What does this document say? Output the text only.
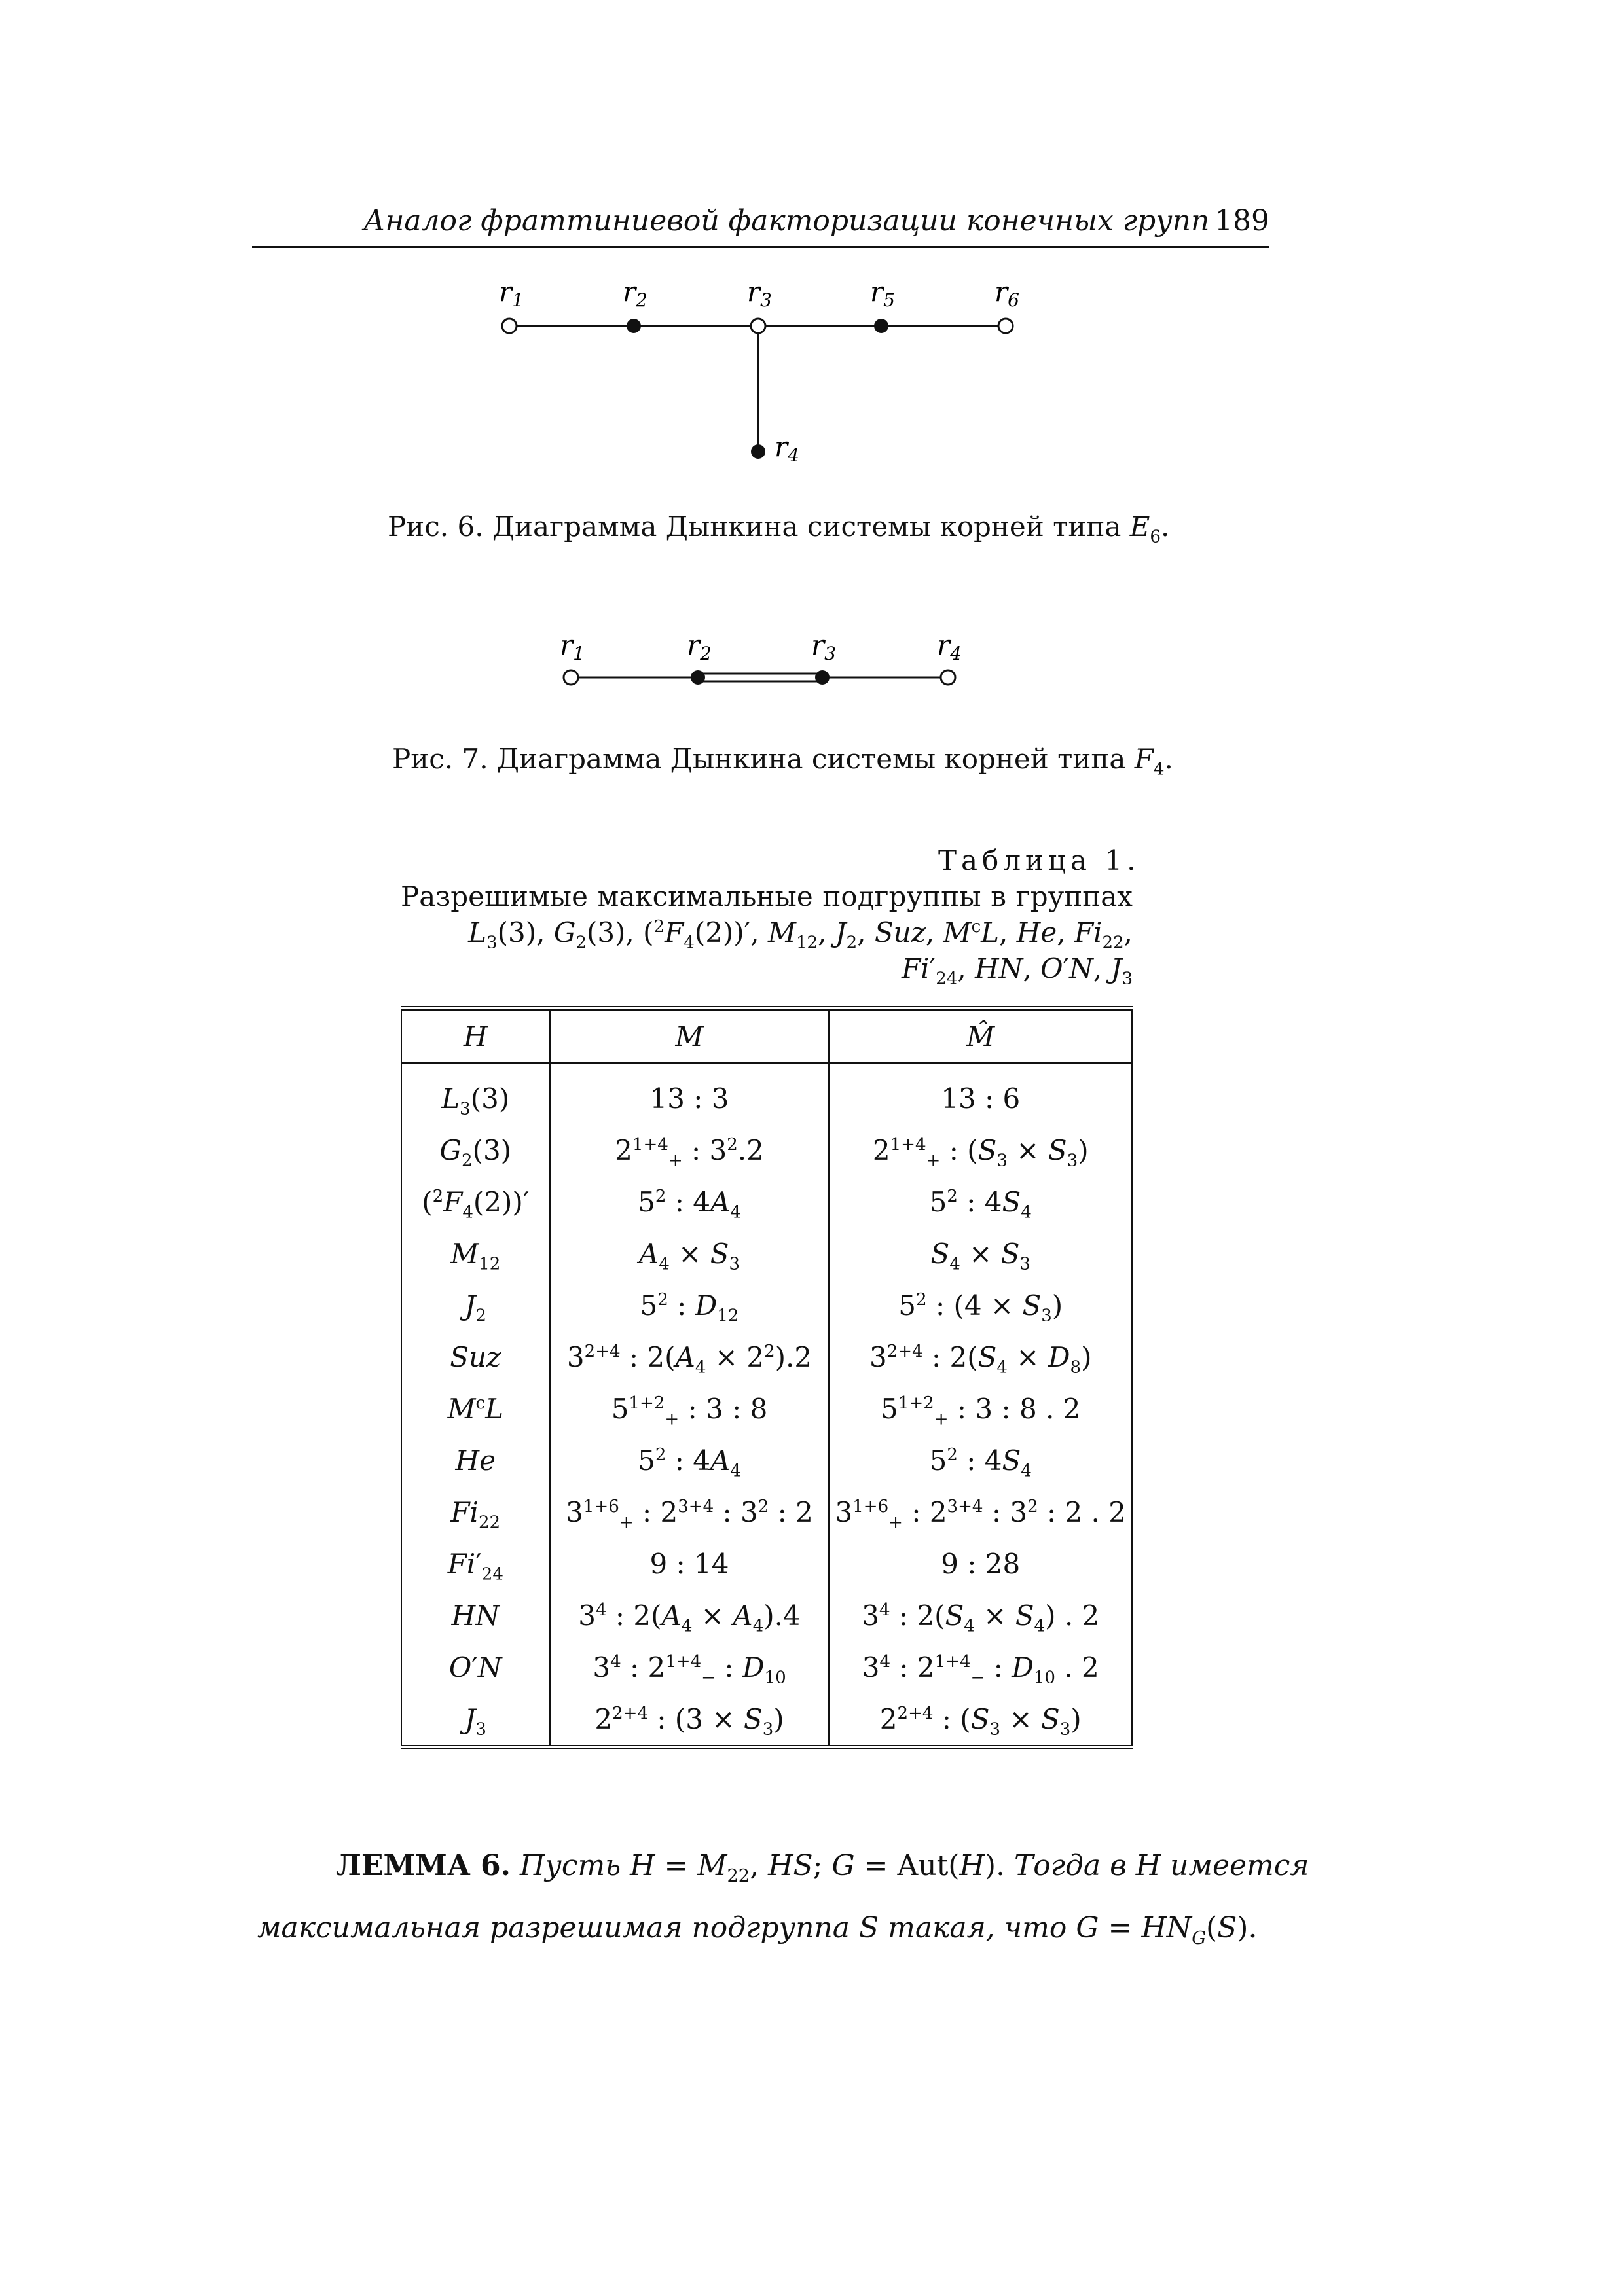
Аналог фраттиниевой факторизации конечных групп 189
r1	r2	r3	r5	r6
r4
Рис. 6. Диаграмма Дынкина системы корней типа $E_6$.
r1	r2	r3	r4
Рис. 7. Диаграмма Дынкина системы корней типа $F_4$.
Таблица 1.
Разрешимые максимальные подгруппы в группах
$L_3(3)$, $G_2(3)$, $(^2F_4(2))'$, $M_{12}$, $J_2$, Suz, $M^cL$, He, $Fi_{22}$,
$Fi'_{24}$, HN, O′N, $J_3$
H	M	M̂
$L_3(3)$	13 : 3	13 : 6
$G_2(3)$	$2^{1+4}_+$ : $3^2.2$	$2^{1+4}_+$ : $(S_3 \times S_3)$
$(^2F_4(2))'$	$5^2$ : $4A_4$	$5^2$ : $4S_4$
$M_{12}$	$A_4 \times S_3$	$S_4 \times S_3$
$J_2$	$5^2$ : $D_{12}$	$5^2$ : $(4 \times S_3)$
Suz	$3^{2+4}$ : $2(A_4 \times 2^2).2$	$3^{2+4}$ : $2(S_4 \times D_8)$
$M^cL$	$5^{1+2}_+$ : 3 : 8	$5^{1+2}_+$ : 3 : 8 . 2
He	$5^2$ : $4A_4$	$5^2$ : $4S_4$
$Fi_{22}$	$3^{1+6}_+$ : $2^{3+4}$ : $3^2$ : 2	$3^{1+6}_+$ : $2^{3+4}$ : $3^2$ : 2 . 2
$Fi'_{24}$	9 : 14	9 : 28
HN	$3^4$ : $2(A_4 \times A_4).4$	$3^4$ : $2(S_4 \times S_4)$ . 2
O′N	$3^4$ : $2^{1+4}_-$ : $D_{10}$	$3^4$ : $2^{1+4}_-$ : $D_{10}$ . 2
$J_3$	$2^{2+4}$ : $(3 \times S_3)$	$2^{2+4}$ : $(S_3 \times S_3)$
ЛЕММА 6. Пусть $H = M_{22}$, HS; G = Aut(H). Тогда в H имеется
максимальная разрешимая подгруппа S такая, что $G = HN_G(S)$.
